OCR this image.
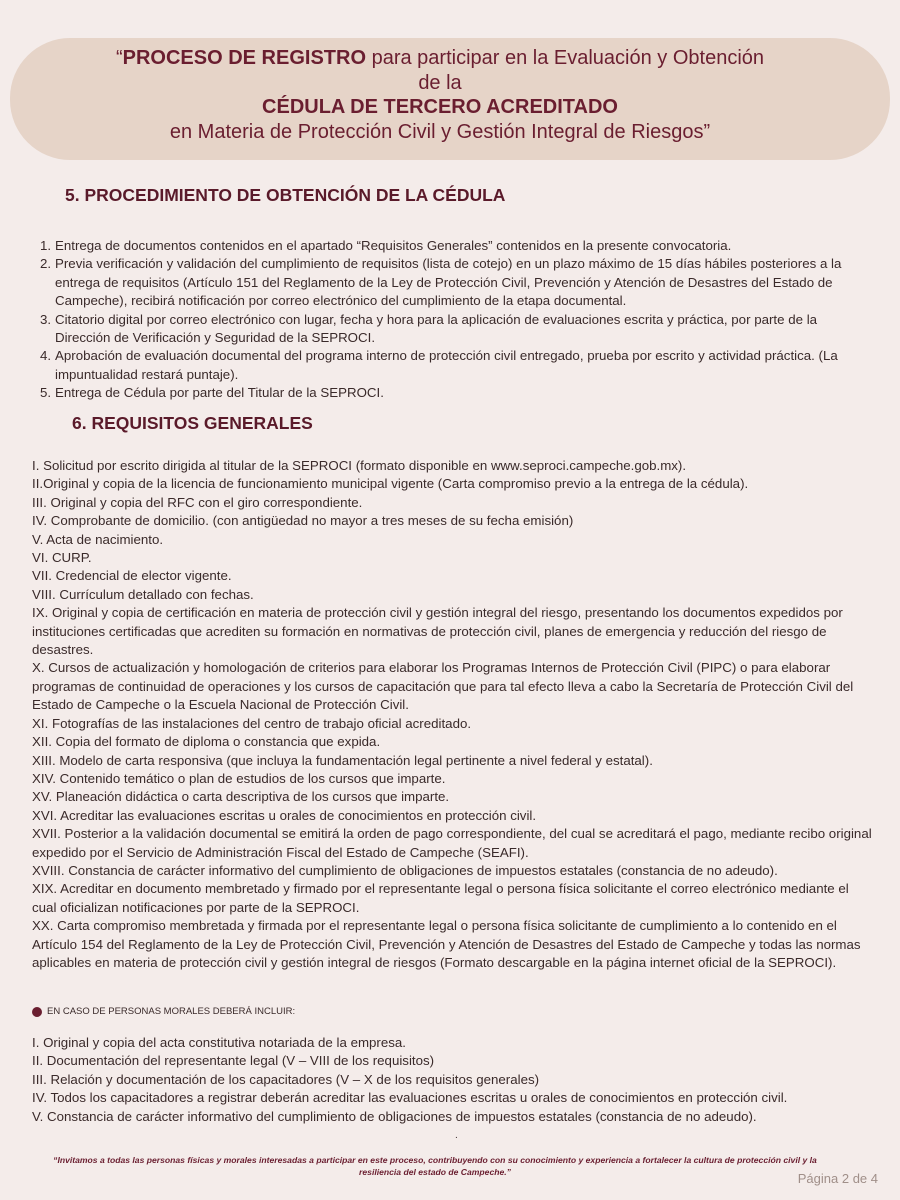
“PROCESO DE REGISTRO para participar en la Evaluación y Obtención
de la
CÉDULA DE TERCERO ACREDITADO
en Materia de Protección Civil y Gestión Integral de Riesgos”
5. PROCEDIMIENTO DE OBTENCIÓN DE LA CÉDULA
1. Entrega de documentos contenidos en el apartado “Requisitos Generales” contenidos en la presente convocatoria.
2. Previa verificación y validación del cumplimiento de requisitos (lista de cotejo) en un plazo máximo de 15 días hábiles posteriores a la entrega de requisitos (Artículo 151 del Reglamento de la Ley de Protección Civil, Prevención y Atención de Desastres del Estado de Campeche), recibirá notificación por correo electrónico del cumplimiento de la etapa documental.
3. Citatorio digital por correo electrónico con lugar, fecha y hora para la aplicación de evaluaciones escrita y práctica, por parte de la Dirección de Verificación y Seguridad de la SEPROCI.
4. Aprobación de evaluación documental del programa interno de protección civil entregado, prueba por escrito y actividad práctica. (La impuntualidad restará puntaje).
5. Entrega de Cédula por parte del Titular de la SEPROCI.
6. REQUISITOS GENERALES
I. Solicitud por escrito dirigida al titular de la SEPROCI (formato disponible en www.seproci.campeche.gob.mx).
II.Original y copia de la licencia de funcionamiento municipal vigente (Carta compromiso previo a la entrega de la cédula).
III. Original y copia del RFC con el giro correspondiente.
IV. Comprobante de domicilio. (con antigüedad no mayor a tres meses de su fecha emisión)
V. Acta de nacimiento.
VI. CURP.
VII. Credencial de elector vigente.
VIII. Currículum detallado con fechas.
IX. Original y copia de certificación en materia de protección civil y gestión integral del riesgo, presentando los documentos expedidos por instituciones certificadas que acrediten su formación en normativas de protección civil, planes de emergencia y reducción del riesgo de desastres.
X. Cursos de actualización y homologación de criterios para elaborar los Programas Internos de Protección Civil (PIPC) o para elaborar programas de continuidad de operaciones y los cursos de capacitación que para tal efecto lleva a cabo la Secretaría de Protección Civil del Estado de Campeche o la Escuela Nacional de Protección Civil.
XI. Fotografías de las instalaciones del centro de trabajo oficial acreditado.
XII. Copia del formato de diploma o constancia que expida.
XIII. Modelo de carta responsiva (que incluya la fundamentación legal pertinente a nivel federal y estatal).
XIV. Contenido temático o plan de estudios de los cursos que imparte.
XV. Planeación didáctica o carta descriptiva de los cursos que imparte.
XVI. Acreditar las evaluaciones escritas u orales de conocimientos en protección civil.
XVII. Posterior a la validación documental se emitirá la orden de pago correspondiente, del cual se acreditará el pago, mediante recibo original expedido por el Servicio de Administración Fiscal del Estado de Campeche (SEAFI).
XVIII. Constancia de carácter informativo del cumplimiento de obligaciones de impuestos estatales (constancia de no adeudo).
XIX. Acreditar en documento membretado y firmado por el representante legal o persona física solicitante el correo electrónico mediante el cual oficializan notificaciones por parte de la SEPROCI.
XX. Carta compromiso membretada y firmada por el representante legal o persona física solicitante de cumplimiento a lo contenido en el Artículo 154 del Reglamento de la Ley de Protección Civil, Prevención y Atención de Desastres del Estado de Campeche y todas las normas aplicables en materia de protección civil y gestión integral de riesgos (Formato descargable en la página internet oficial de la SEPROCI).
EN CASO DE PERSONAS MORALES DEBERÁ INCLUIR:
I. Original y copia del acta constitutiva notariada de la empresa.
II. Documentación del representante legal (V – VIII de los requisitos)
III. Relación y documentación de los capacitadores (V – X de los requisitos generales)
IV. Todos los capacitadores a registrar deberán acreditar las evaluaciones escritas u orales de conocimientos en protección civil.
V. Constancia de carácter informativo del cumplimiento de obligaciones de impuestos estatales (constancia de no adeudo).
.
“Invitamos a todas las personas físicas y morales interesadas a participar en este proceso, contribuyendo con su conocimiento y experiencia a fortalecer la cultura de protección civil y la resiliencia del estado de Campeche.”	Página 2 de 4
